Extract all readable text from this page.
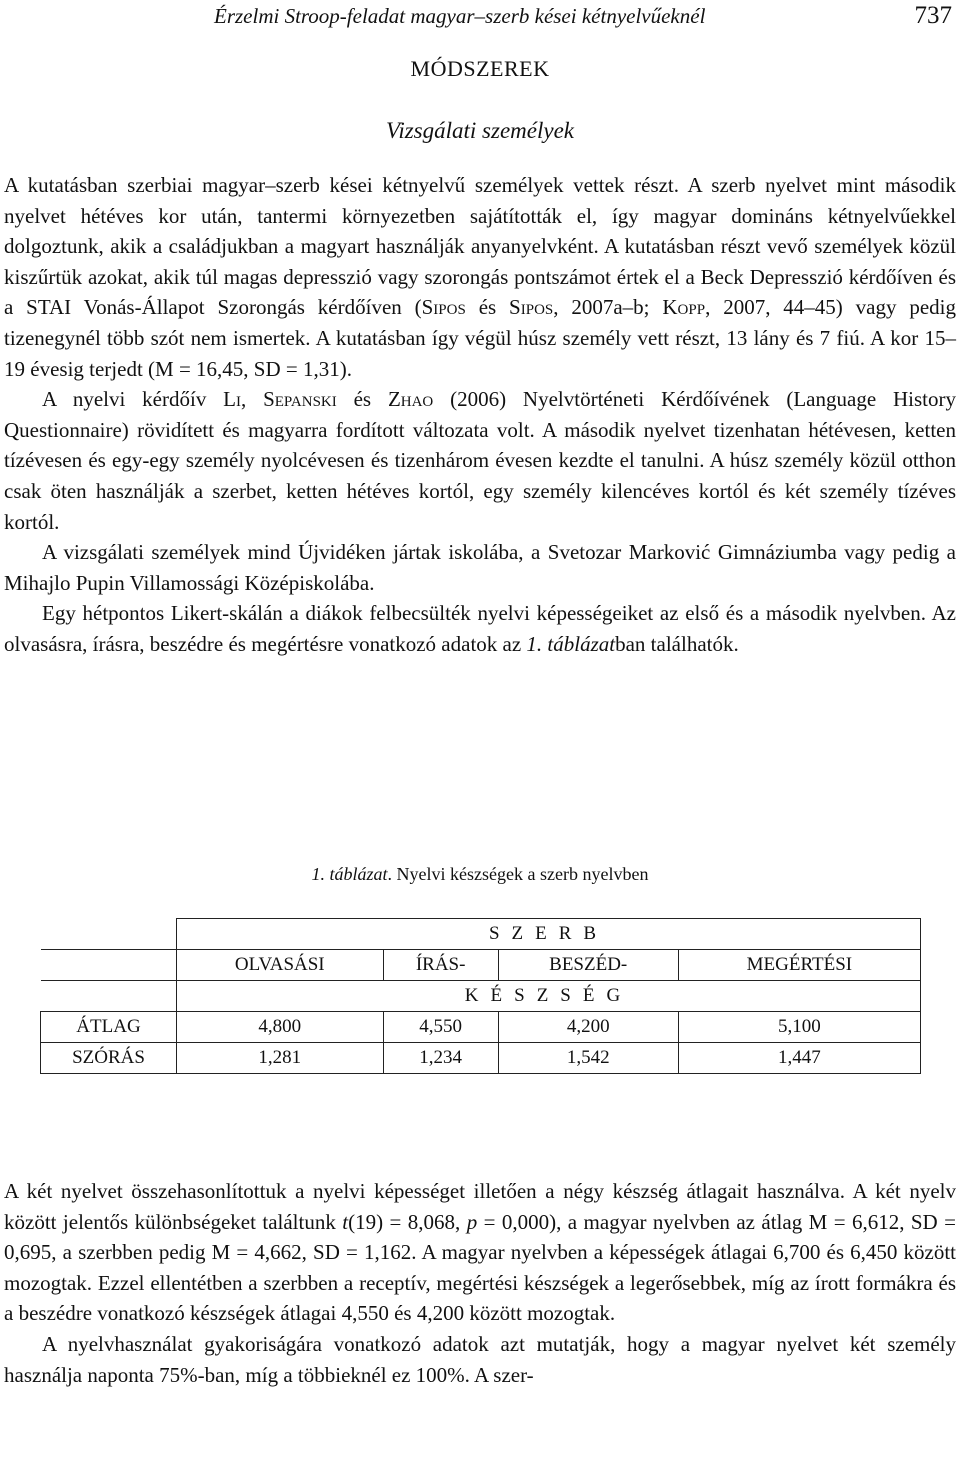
Érzelmi Stroop-feladat magyar–szerb kései kétnyelvűeknél	737
MÓDSZEREK
Vizsgálati személyek

A kutatásban szerbiai magyar–szerb kései kétnyelvű személyek vettek részt. A szerb nyelvet mint második nyelvet hétéves kor után, tantermi környezetben sajátították el, így magyar domináns kétnyelvűekkel dolgoztunk, akik a családjukban a magyart használják anyanyelvként. A kutatásban részt vevő személyek közül kiszűrtük azokat, akik túl magas depresszió vagy szorongás pontszámot értek el a Beck Depresszió kérdőíven és a STAI Vonás-Állapot Szorongás kérdőíven (Sipos és Sipos, 2007a–b; Kopp, 2007, 44–45) vagy pedig tizenegynél több szót nem ismertek. A kutatásban így végül húsz személy vett részt, 13 lány és 7 fiú. A kor 15–19 évesig terjedt (M = 16,45, SD = 1,31).

A nyelvi kérdőív Li, Sepanski és Zhao (2006) Nyelvtörténeti Kérdőívének (Language History Questionnaire) rövidített és magyarra fordított változata volt. A második nyelvet tizenhatan hétévesen, ketten tízévesen és egy-egy személy nyolcévesen és tizenhárom évesen kezdte el tanulni. A húsz személy közül otthon csak öten használják a szerbet, ketten hétéves kortól, egy személy kilencéves kortól és két személy tízéves kortól.

A vizsgálati személyek mind Újvidéken jártak iskolába, a Svetozar Marković Gimnáziumba vagy pedig a Mihajlo Pupin Villamossági Középiskolába.

Egy hétpontos Likert-skálán a diákok felbecsülték nyelvi képességeiket az első és a második nyelvben. Az olvasásra, írásra, beszédre és megértésre vonatkozó adatok az 1. táblázatban találhatók.

1. táblázat. Nyelvi készségek a szerb nyelvben
	SZERB			
	OLVASÁSI	ÍRÁS-	BESZÉD-	MEGÉRTÉSI
	KÉSZSÉG			
ÁTLAG	4,800	4,550	4,200	5,100
SZÓRÁS	1,281	1,234	1,542	1,447

A két nyelvet összehasonlítottuk a nyelvi képességet illetően a négy készség átlagait használva. A két nyelv között jelentős különbségeket találtunk t(19) = 8,068, p = 0,000), a magyar nyelvben az átlag M = 6,612, SD = 0,695, a szerbben pedig M = 4,662, SD = 1,162. A magyar nyelvben a képességek átlagai 6,700 és 6,450 között mozogtak. Ezzel ellentétben a szerbben a receptív, megértési készségek a legerősebbek, míg az írott formákra és a beszédre vonatkozó készségek átlagai 4,550 és 4,200 között mozogtak.

A nyelvhasználat gyakoriságára vonatkozó adatok azt mutatják, hogy a magyar nyelvet két személy használja naponta 75%-ban, míg a többieknél ez 100%. A szer-
